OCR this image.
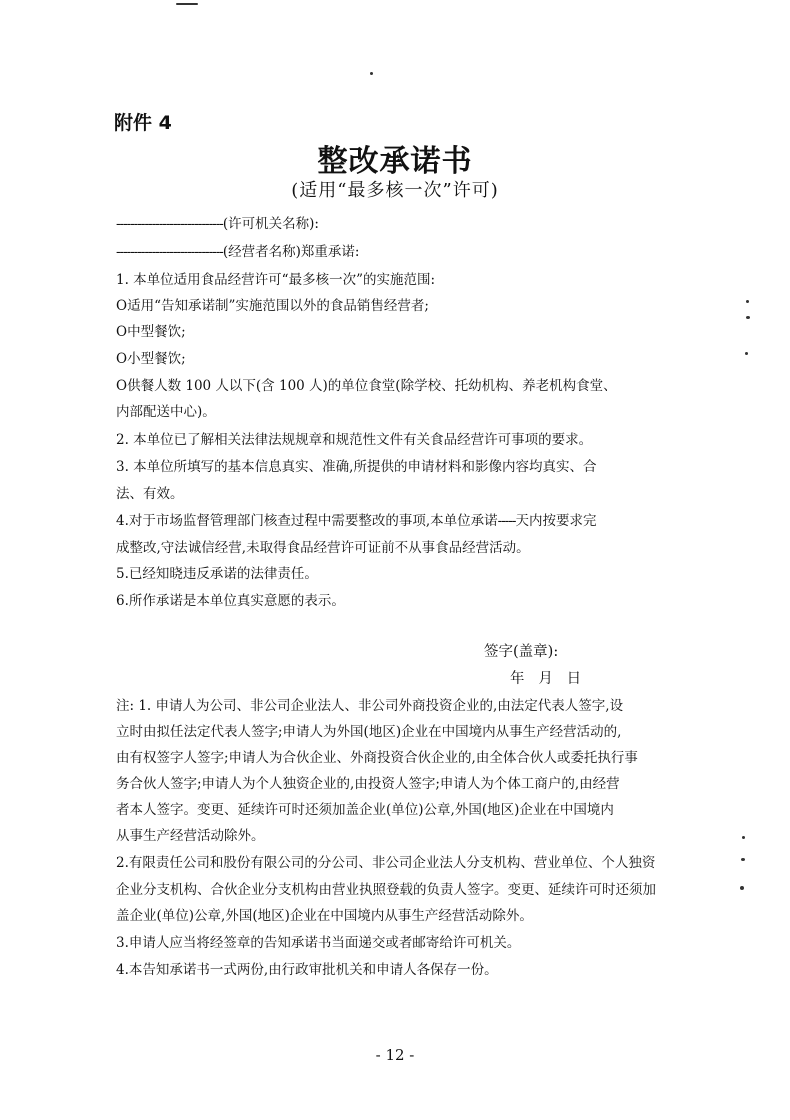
附件 4
整改承诺书
(适用“最多核一次”许可)
------------------------------(许可机关名称):
------------------------------(经营者名称)郑重承诺:
1. 本单位适用食品经营许可“最多核一次”的实施范围:
O适用“告知承诺制”实施范围以外的食品销售经营者;
O中型餐饮;
O小型餐饮;
O供餐人数 100 人以下(含 100 人)的单位食堂(除学校、托幼机构、养老机构食堂、
内部配送中心)。
2. 本单位已了解相关法律法规规章和规范性文件有关食品经营许可事项的要求。
3. 本单位所填写的基本信息真实、准确,所提供的申请材料和影像内容均真实、合
法、有效。
4.对于市场监督管理部门核查过程中需要整改的事项,本单位承诺-----天内按要求完
成整改,守法诚信经营,未取得食品经营许可证前不从事食品经营活动。
5.已经知晓违反承诺的法律责任。
6.所作承诺是本单位真实意愿的表示。
签字(盖章):
年   月   日
注: 1. 申请人为公司、非公司企业法人、非公司外商投资企业的,由法定代表人签字,设
立时由拟任法定代表人签字;申请人为外国(地区)企业在中国境内从事生产经营活动的,
由有权签字人签字;申请人为合伙企业、外商投资合伙企业的,由全体合伙人或委托执行事
务合伙人签字;申请人为个人独资企业的,由投资人签字;申请人为个体工商户的,由经营
者本人签字。变更、延续许可时还须加盖企业(单位)公章,外国(地区)企业在中国境内
从事生产经营活动除外。
2.有限责任公司和股份有限公司的分公司、非公司企业法人分支机构、营业单位、个人独资
企业分支机构、合伙企业分支机构由营业执照登载的负责人签字。变更、延续许可时还须加
盖企业(单位)公章,外国(地区)企业在中国境内从事生产经营活动除外。
3.申请人应当将经签章的告知承诺书当面递交或者邮寄给许可机关。
4.本告知承诺书一式两份,由行政审批机关和申请人各保存一份。
- 12 -
